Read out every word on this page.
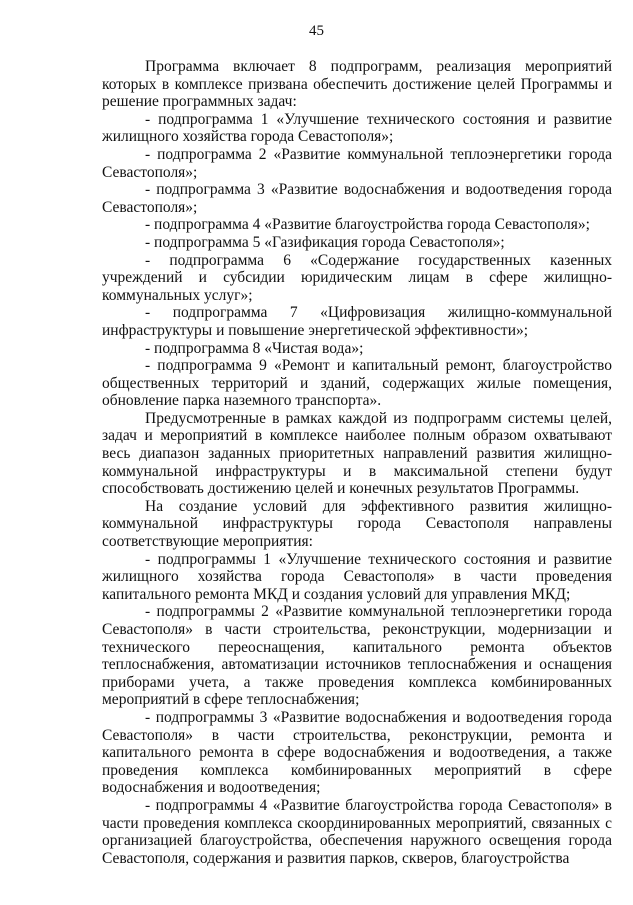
45

Программа включает 8 подпрограмм, реализация мероприятий которых в комплексе призвана обеспечить достижение целей Программы и решение программных задач:

- подпрограмма 1 «Улучшение технического состояния и развитие жилищного хозяйства города Севастополя»;

- подпрограмма 2 «Развитие коммунальной теплоэнергетики города Севастополя»;

- подпрограмма 3 «Развитие водоснабжения и водоотведения города Севастополя»;

- подпрограмма 4 «Развитие благоустройства города Севастополя»;

- подпрограмма 5 «Газификация города Севастополя»;

- подпрограмма 6 «Содержание государственных казенных учреждений и субсидии юридическим лицам в сфере жилищно-коммунальных услуг»;

- подпрограмма 7 «Цифровизация жилищно-коммунальной инфраструктуры и повышение энергетической эффективности»;

- подпрограмма 8 «Чистая вода»;

- подпрограмма 9 «Ремонт и капитальный ремонт, благоустройство общественных территорий и зданий, содержащих жилые помещения, обновление парка наземного транспорта».

Предусмотренные в рамках каждой из подпрограмм системы целей, задач и мероприятий в комплексе наиболее полным образом охватывают весь диапазон заданных приоритетных направлений развития жилищно-коммунальной инфраструктуры и в максимальной степени будут способствовать достижению целей и конечных результатов Программы.

На создание условий для эффективного развития жилищно-коммунальной инфраструктуры города Севастополя направлены соответствующие мероприятия:

- подпрограммы 1 «Улучшение технического состояния и развитие жилищного хозяйства города Севастополя» в части проведения капитального ремонта МКД и создания условий для управления МКД;

- подпрограммы 2 «Развитие коммунальной теплоэнергетики города Севастополя» в части строительства, реконструкции, модернизации и технического переоснащения, капитального ремонта объектов теплоснабжения, автоматизации источников теплоснабжения и оснащения приборами учета, а также проведения комплекса комбинированных мероприятий в сфере теплоснабжения;

- подпрограммы 3 «Развитие водоснабжения и водоотведения города Севастополя» в части строительства, реконструкции, ремонта и капитального ремонта в сфере водоснабжения и водоотведения, а также проведения комплекса комбинированных мероприятий в сфере водоснабжения и водоотведения;

- подпрограммы 4 «Развитие благоустройства города Севастополя» в части проведения комплекса скоординированных мероприятий, связанных с организацией благоустройства, обеспечения наружного освещения города Севастополя, содержания и развития парков, скверов, благоустройства
